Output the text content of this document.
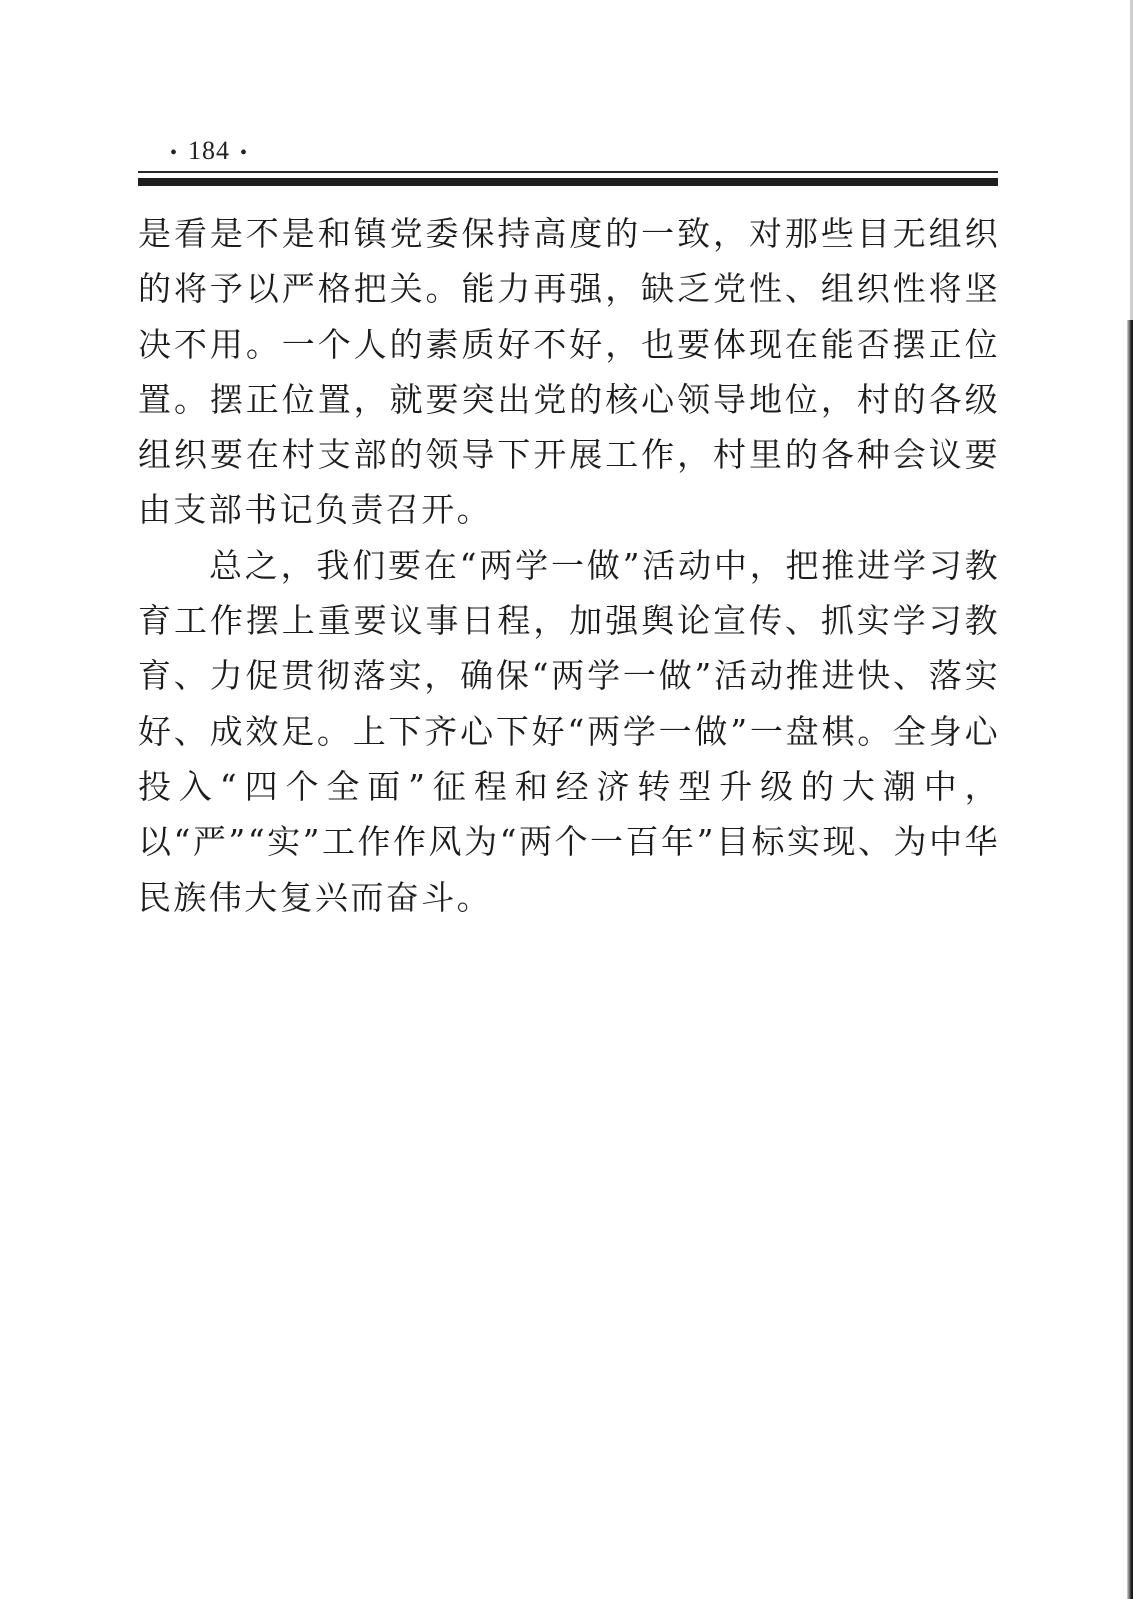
• 184 •

是看是不是和镇党委保持高度的一致，对那些目无组织的将予以严格把关。能力再强，缺乏党性、组织性将坚决不用。一个人的素质好不好，也要体现在能否摆正位置。摆正位置，就要突出党的核心领导地位，村的各级组织要在村支部的领导下开展工作，村里的各种会议要由支部书记负责召开。

总之，我们要在“两学一做”活动中，把推进学习教育工作摆上重要议事日程，加强舆论宣传、抓实学习教育、力促贯彻落实，确保“两学一做”活动推进快、落实好、成效足。上下齐心下好“两学一做”一盘棋。全身心投入“四个全面”征程和经济转型升级的大潮中，以“严”“实”工作作风为“两个一百年”目标实现、为中华民族伟大复兴而奋斗。
